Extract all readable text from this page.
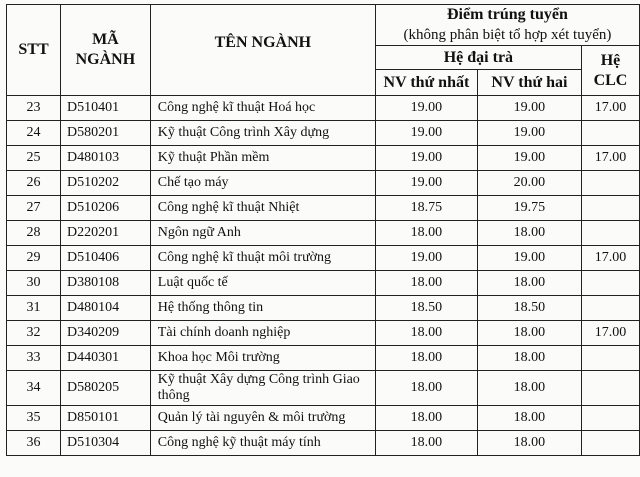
STT	MÃ
NGÀNH	TÊN NGÀNH	Điểm trúng tuyển
(không phân biệt tổ hợp xét tuyển)		

			Hệ đại trà		Hệ
CLC

			NV thứ nhất	NV thứ hai	
23	D510401	Công nghệ kĩ thuật Hoá học	19.00	19.00	17.00
24	D580201	Kỹ thuật Công trình Xây dựng	19.00	19.00	
25	D480103	Kỹ thuật Phần mềm	19.00	19.00	17.00
26	D510202	Chế tạo máy	19.00	20.00	
27	D510206	Công nghệ kĩ thuật Nhiệt	18.75	19.75	
28	D220201	Ngôn ngữ Anh	18.00	18.00	
29	D510406	Công nghệ kĩ thuật môi trường	19.00	19.00	17.00
30	D380108	Luật quốc tế	18.00	18.00	
31	D480104	Hệ thống thông tin	18.50	18.50	
32	D340209	Tài chính doanh nghiệp	18.00	18.00	17.00
33	D440301	Khoa học Môi trường	18.00	18.00	
34	D580205	Kỹ thuật Xây dựng Công trình Giao thông	18.00	18.00	
35	D850101	Quản lý tài nguyên & môi trường	18.00	18.00	
36	D510304	Công nghệ kỹ thuật máy tính	18.00	18.00	
